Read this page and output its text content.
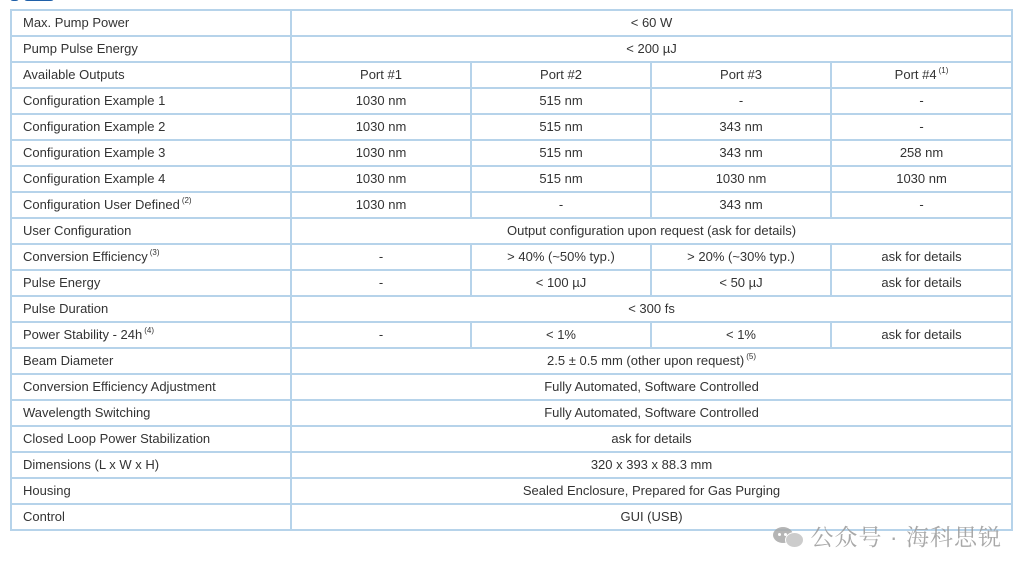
Max. Pump Power	< 60 W			
Pump Pulse Energy	< 200 µJ			
Available Outputs	Port #1	Port #2	Port #3	Port #4 $^{(1)}$
Configuration Example 1	1030 nm	515 nm	-	-
Configuration Example 2	1030 nm	515 nm	343 nm	-
Configuration Example 3	1030 nm	515 nm	343 nm	258 nm
Configuration Example 4	1030 nm	515 nm	1030 nm	1030 nm
Configuration User Defined $^{(2)}$	1030 nm	-	343 nm	-
User Configuration	Output configuration upon request (ask for details)			
Conversion Efficiency $^{(3)}$	-	> 40% (~50% typ.)	> 20% (~30% typ.)	ask for details
Pulse Energy	-	< 100 µJ	< 50 µJ	ask for details
Pulse Duration	< 300 fs			
Power Stability - 24h $^{(4)}$	-	< 1%	< 1%	ask for details
Beam Diameter	2.5 ± 0.5 mm (other upon request) $^{(5)}$
Conversion Efficiency Adjustment	Fully Automated, Software Controlled			
Wavelength Switching	Fully Automated, Software Controlled			
Closed Loop Power Stabilization	ask for details			
Dimensions (L x W x H)	320 x 393 x 88.3 mm			
Housing	Sealed Enclosure, Prepared for Gas Purging			
Control	GUI (USB)			
公众号 · 海科思锐
